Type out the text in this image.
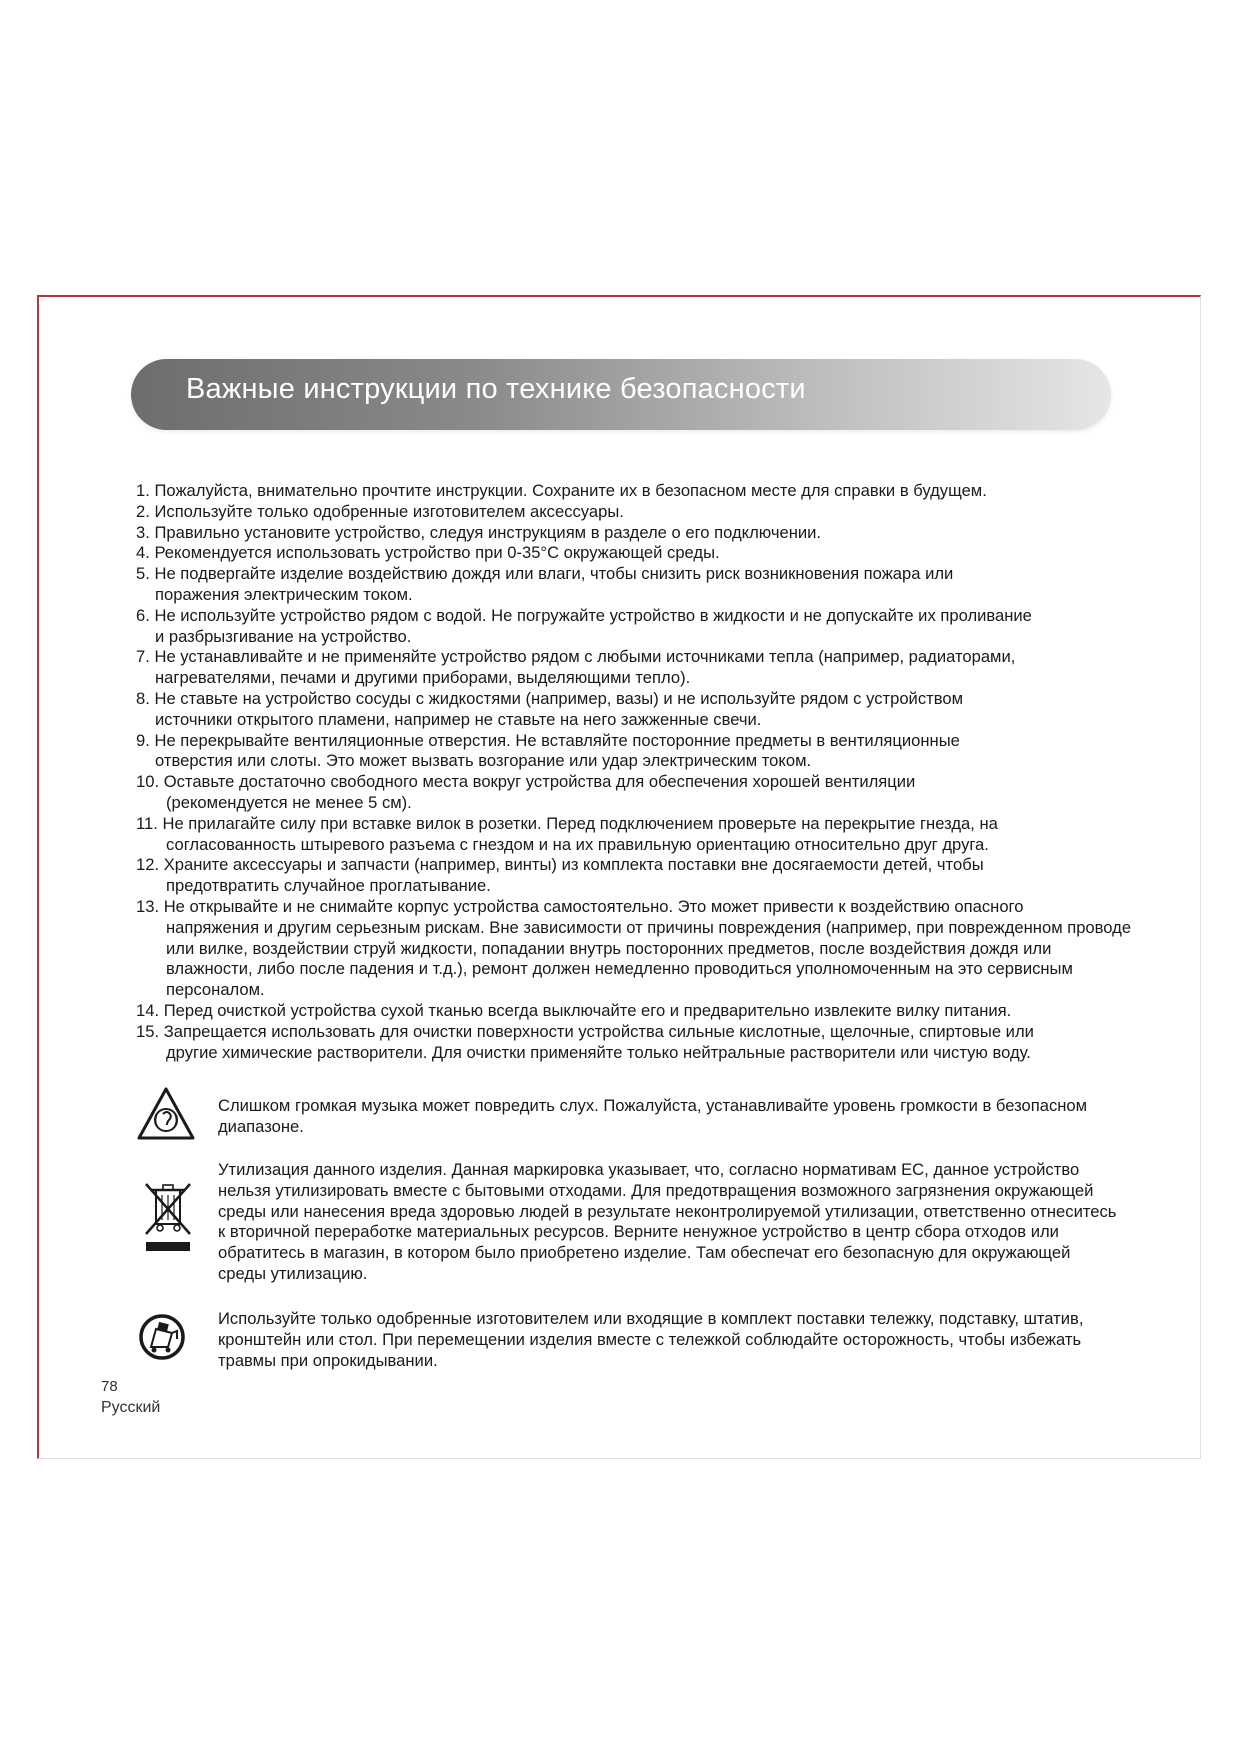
Важные инструкции по технике безопасности
1. Пожалуйста, внимательно прочтите инструкции. Сохраните их в безопасном месте для справки в будущем.
2. Используйте только одобренные изготовителем аксессуары.
3. Правильно установите устройство, следуя инструкциям в разделе о его подключении.
4. Рекомендуется использовать устройство при 0-35°C окружающей среды.
5. Не подвергайте изделие воздействию дождя или влаги, чтобы снизить риск возникновения пожара или
поражения электрическим током.
6. Не используйте устройство рядом с водой. Не погружайте устройство в жидкости и не допускайте их проливание
и разбрызгивание на устройство.
7. Не устанавливайте и не применяйте устройство рядом с любыми источниками тепла (например, радиаторами,
нагревателями, печами и другими приборами, выделяющими тепло).
8. Не ставьте на устройство сосуды с жидкостями (например, вазы) и не используйте рядом с устройством
источники открытого пламени, например не ставьте на него зажженные свечи.
9. Не перекрывайте вентиляционные отверстия. Не вставляйте посторонние предметы в вентиляционные
отверстия или слоты. Это может вызвать возгорание или удар электрическим током.
10. Оставьте достаточно свободного места вокруг устройства для обеспечения хорошей вентиляции
(рекомендуется не менее 5 см).
11. Не прилагайте силу при вставке вилок в розетки. Перед подключением проверьте на перекрытие гнезда, на
согласованность штыревого разъема с гнездом и на их правильную ориентацию относительно друг друга.
12. Храните аксессуары и запчасти (например, винты) из комплекта поставки вне досягаемости детей, чтобы
предотвратить случайное проглатывание.
13. Не открывайте и не снимайте корпус устройства самостоятельно. Это может привести к воздействию опасного
напряжения и другим серьезным рискам. Вне зависимости от причины повреждения (например, при поврежденном проводе или вилке, воздействии струй жидкости, попадании внутрь посторонних предметов, после воздействия дождя или влажности, либо после падения и т.д.), ремонт должен немедленно проводиться уполномоченным на это сервисным персоналом.
14. Перед очисткой устройства сухой тканью всегда выключайте его и предварительно извлеките вилку питания.
15. Запрещается использовать для очистки поверхности устройства сильные кислотные, щелочные, спиртовые или
другие химические растворители. Для очистки применяйте только нейтральные растворители или чистую воду.
Слишком громкая музыка может повредить слух. Пожалуйста, устанавливайте уровень громкости в безопасном диапазоне.
Утилизация данного изделия. Данная маркировка указывает, что, согласно нормативам ЕС, данное устройство нельзя утилизировать вместе с бытовыми отходами. Для предотвращения возможного загрязнения окружающей среды или нанесения вреда здоровью людей в результате неконтролируемой утилизации, ответственно отнеситесь к вторичной переработке материальных ресурсов. Верните ненужное устройство в центр сбора отходов или обратитесь в магазин, в котором было приобретено изделие. Там обеспечат его безопасную для окружающей среды утилизацию.
Используйте только одобренные изготовителем или входящие в комплект поставки тележку, подставку, штатив, кронштейн или стол. При перемещении изделия вместе с тележкой соблюдайте осторожность, чтобы избежать травмы при опрокидывании.
78
Русский
